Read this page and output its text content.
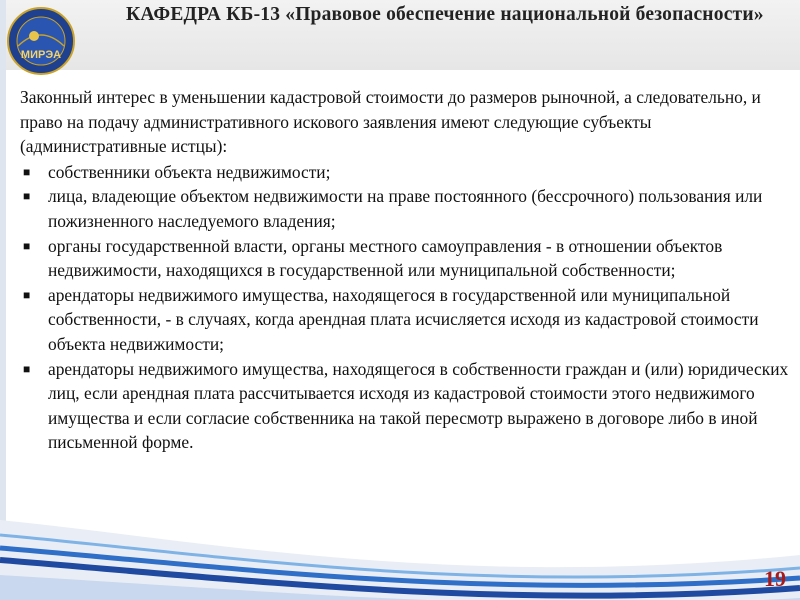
МИРЭА
КАФЕДРА КБ-13 «Правовое обеспечение национальной безопасности»

Законный интерес в уменьшении кадастровой стоимости до размеров рыночной, а следовательно, и право на подачу административного искового заявления имеют следующие субъекты (административные истцы):

■ собственники объекта недвижимости;
■ лица, владеющие объектом недвижимости на праве постоянного (бессрочного) пользования или пожизненного наследуемого владения;
■ органы государственной власти, органы местного самоуправления - в отношении объектов недвижимости, находящихся в государственной или муниципальной собственности;
■ арендаторы недвижимого имущества, находящегося в государственной или муниципальной собственности, - в случаях, когда арендная плата исчисляется исходя из кадастровой стоимости объекта недвижимости;
■ арендаторы недвижимого имущества, находящегося в собственности граждан и (или) юридических лиц, если арендная плата рассчитывается исходя из кадастровой стоимости этого недвижимого имущества и если согласие собственника на такой пересмотр выражено в договоре либо в иной письменной форме.
19
